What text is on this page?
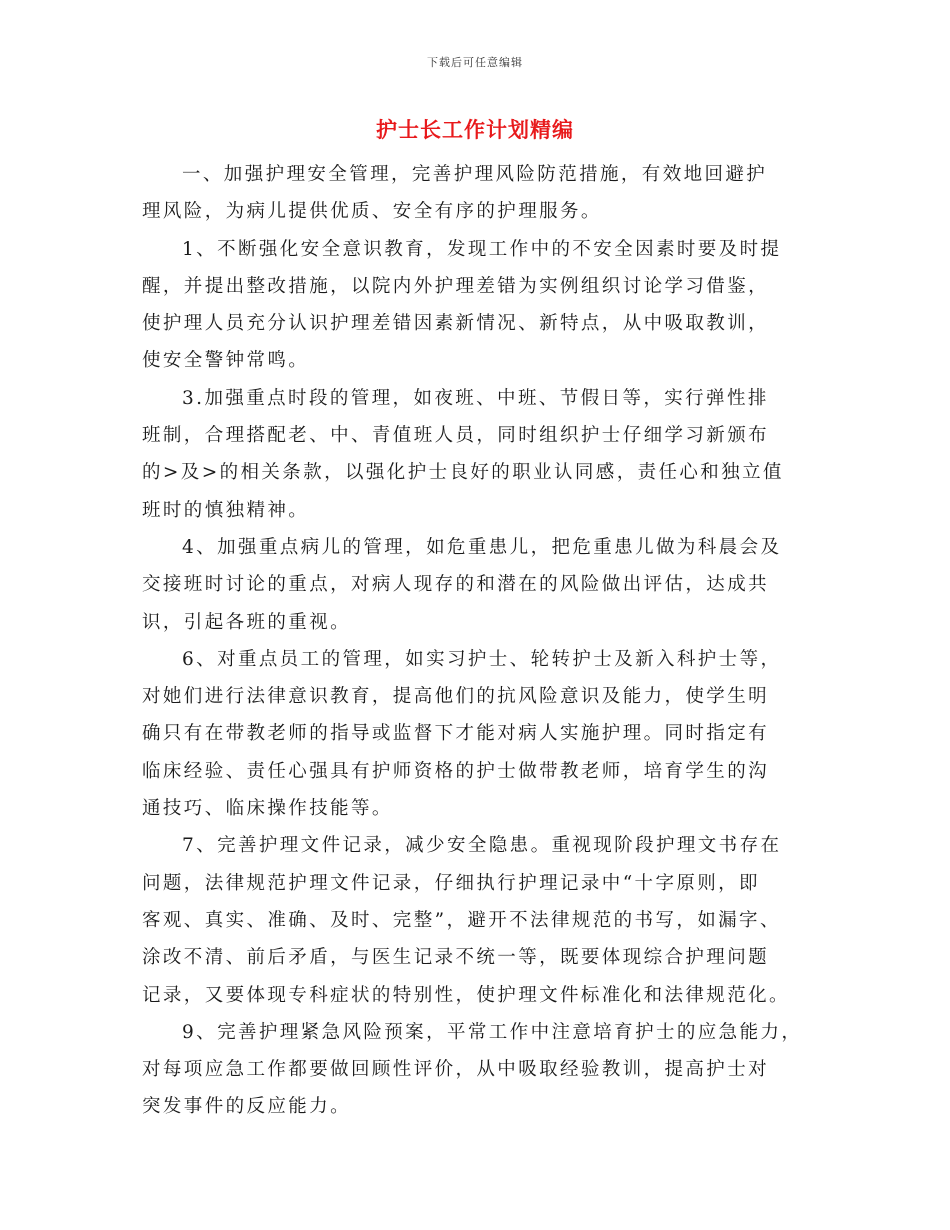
下载后可任意编辑
护士长工作计划精编

一、加强护理安全管理，完善护理风险防范措施，有效地回避护
理风险，为病儿提供优质、安全有序的护理服务。

1、不断强化安全意识教育，发现工作中的不安全因素时要及时提
醒，并提出整改措施，以院内外护理差错为实例组织讨论学习借鉴，
使护理人员充分认识护理差错因素新情况、新特点，从中吸取教训，
使安全警钟常鸣。

3.加强重点时段的管理，如夜班、中班、节假日等，实行弹性排
班制，合理搭配老、中、青值班人员，同时组织护士仔细学习新颁布
的>及>的相关条款，以强化护士良好的职业认同感，责任心和独立值
班时的慎独精神。

4、加强重点病儿的管理，如危重患儿，把危重患儿做为科晨会及
交接班时讨论的重点，对病人现存的和潜在的风险做出评估，达成共
识，引起各班的重视。

6、对重点员工的管理，如实习护士、轮转护士及新入科护士等，
对她们进行法律意识教育，提高他们的抗风险意识及能力，使学生明
确只有在带教老师的指导或监督下才能对病人实施护理。同时指定有
临床经验、责任心强具有护师资格的护士做带教老师，培育学生的沟
通技巧、临床操作技能等。

7、完善护理文件记录，减少安全隐患。重视现阶段护理文书存在
问题，法律规范护理文件记录，仔细执行护理记录中“十字原则，即
客观、真实、准确、及时、完整”，避开不法律规范的书写，如漏字、
涂改不清、前后矛盾，与医生记录不统一等，既要体现综合护理问题
记录，又要体现专科症状的特别性，使护理文件标准化和法律规范化。

9、完善护理紧急风险预案，平常工作中注意培育护士的应急能力，
对每项应急工作都要做回顾性评价，从中吸取经验教训，提高护士对
突发事件的反应能力。
